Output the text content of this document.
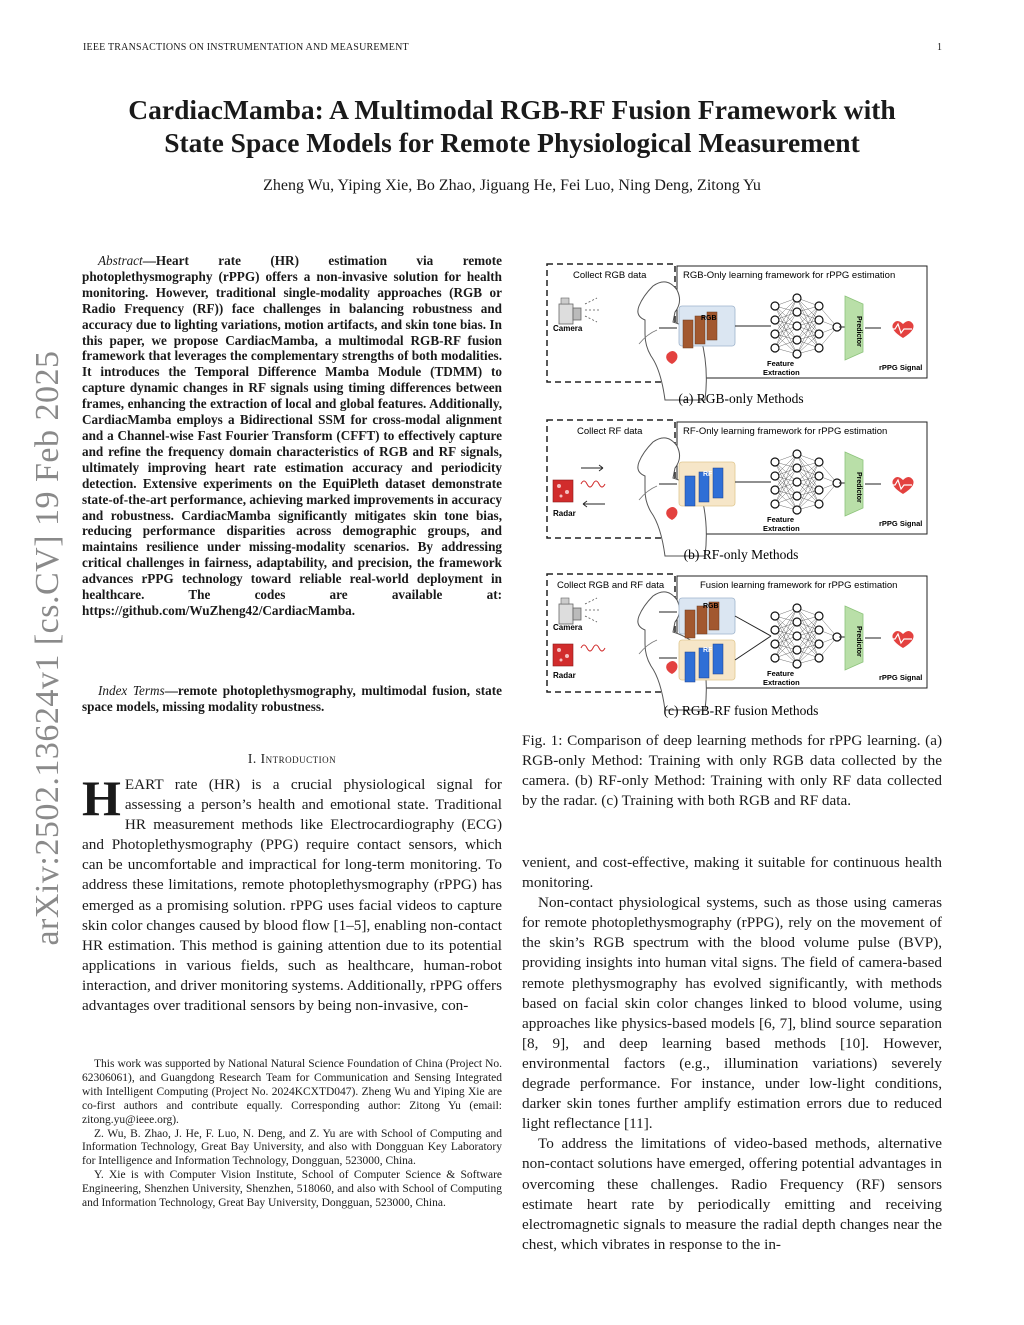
IEEE TRANSACTIONS ON INSTRUMENTATION AND MEASUREMENT	1
arXiv:2502.13624v1 [cs.CV] 19 Feb 2025
CardiacMamba: A Multimodal RGB-RF Fusion Framework with
State Space Models for Remote Physiological Measurement
Zheng Wu, Yiping Xie, Bo Zhao, Jiguang He, Fei Luo, Ning Deng, Zitong Yu

Abstract—Heart rate (HR) estimation via remote photoplethysmography (rPPG) offers a non-invasive solution for health monitoring. However, traditional single-modality approaches (RGB or Radio Frequency (RF)) face challenges in balancing robustness and accuracy due to lighting variations, motion artifacts, and skin tone bias. In this paper, we propose CardiacMamba, a multimodal RGB-RF fusion framework that leverages the complementary strengths of both modalities. It introduces the Temporal Difference Mamba Module (TDMM) to capture dynamic changes in RF signals using timing differences between frames, enhancing the extraction of local and global features. Additionally, CardiacMamba employs a Bidirectional SSM for cross-modal alignment and a Channel-wise Fast Fourier Transform (CFFT) to effectively capture and refine the frequency domain characteristics of RGB and RF signals, ultimately improving heart rate estimation accuracy and periodicity detection. Extensive experiments on the EquiPleth dataset demonstrate state-of-the-art performance, achieving marked improvements in accuracy and robustness. CardiacMamba significantly mitigates skin tone bias, reducing performance disparities across demographic groups, and maintains resilience under missing-modality scenarios. By addressing critical challenges in fairness, adaptability, and precision, the framework advances rPPG technology toward reliable real-world deployment in healthcare. The codes are available at: https://github.com/WuZheng42/CardiacMamba.

Index Terms—remote photoplethysmography, multimodal fusion, state space models, missing modality robustness.

I. Introduction
HEART rate (HR) is a crucial physiological signal for assessing a person’s health and emotional state. Traditional HR measurement methods like Electrocardiography (ECG) and Photoplethysmography (PPG) require contact sensors, which can be uncomfortable and impractical for long-term monitoring. To address these limitations, remote photoplethysmography (rPPG) has emerged as a promising solution. rPPG uses facial videos to capture skin color changes caused by blood flow [1–5], enabling non-contact HR estimation. This method is gaining attention due to its potential applications in various fields, such as healthcare, human-robot interaction, and driver monitoring systems. Additionally, rPPG offers advantages over traditional sensors by being non-invasive, con-

This work was supported by National Natural Science Foundation of China (Project No. 62306061), and Guangdong Research Team for Communication and Sensing Integrated with Intelligent Computing (Project No. 2024KCXTD047). Zheng Wu and Yiping Xie are co-first authors and contribute equally. Corresponding author: Zitong Yu (email: zitong.yu@ieee.org).

Z. Wu, B. Zhao, J. He, F. Luo, N. Deng, and Z. Yu are with School of Computing and Information Technology, Great Bay University, and also with Dongguan Key Laboratory for Intelligence and Information Technology, Dongguan, 523000, China.

Y. Xie is with Computer Vision Institute, School of Computer Science & Software Engineering, Shenzhen University, Shenzhen, 518060, and also with School of Computing and Information Technology, Great Bay University, Dongguan, 523000, China.

Collect RGB data	RGB-Only learning framework for rPPG estimation
Camera
RGB
Feature
Extraction
Predictor
rPPG Signal
(a) RGB-only Methods
Collect RF data	RF-Only learning framework for rPPG estimation
Radar
RF
Feature
Extraction
Predictor
rPPG Signal
(b) RF-only Methods
Collect RGB and RF data	Fusion learning framework for rPPG estimation
Camera
Radar
RGB
RF
Feature
Extraction
Predictor
rPPG Signal
(c) RGB-RF fusion Methods
Fig. 1: Comparison of deep learning methods for rPPG learning. (a) RGB-only Method: Training with only RGB data collected by the camera. (b) RF-only Method: Training with only RF data collected by the radar. (c) Training with both RGB and RF data.

venient, and cost-effective, making it suitable for continuous health monitoring.

Non-contact physiological systems, such as those using cameras for remote photoplethysmography (rPPG), rely on the movement of the skin’s RGB spectrum with the blood volume pulse (BVP), providing insights into human vital signs. The field of camera-based remote plethysmography has evolved significantly, with methods based on facial skin color changes linked to blood volume, using approaches like physics-based models [6, 7], blind source separation [8, 9], and deep learning based methods [10]. However, environmental factors (e.g., illumination variations) severely degrade performance. For instance, under low-light conditions, darker skin tones further amplify estimation errors due to reduced light reflectance [11].

To address the limitations of video-based methods, alternative non-contact solutions have emerged, offering potential advantages in overcoming these challenges. Radio Frequency (RF) sensors estimate heart rate by periodically emitting and receiving electromagnetic signals to measure the radial depth changes near the chest, which vibrates in response to the in-
